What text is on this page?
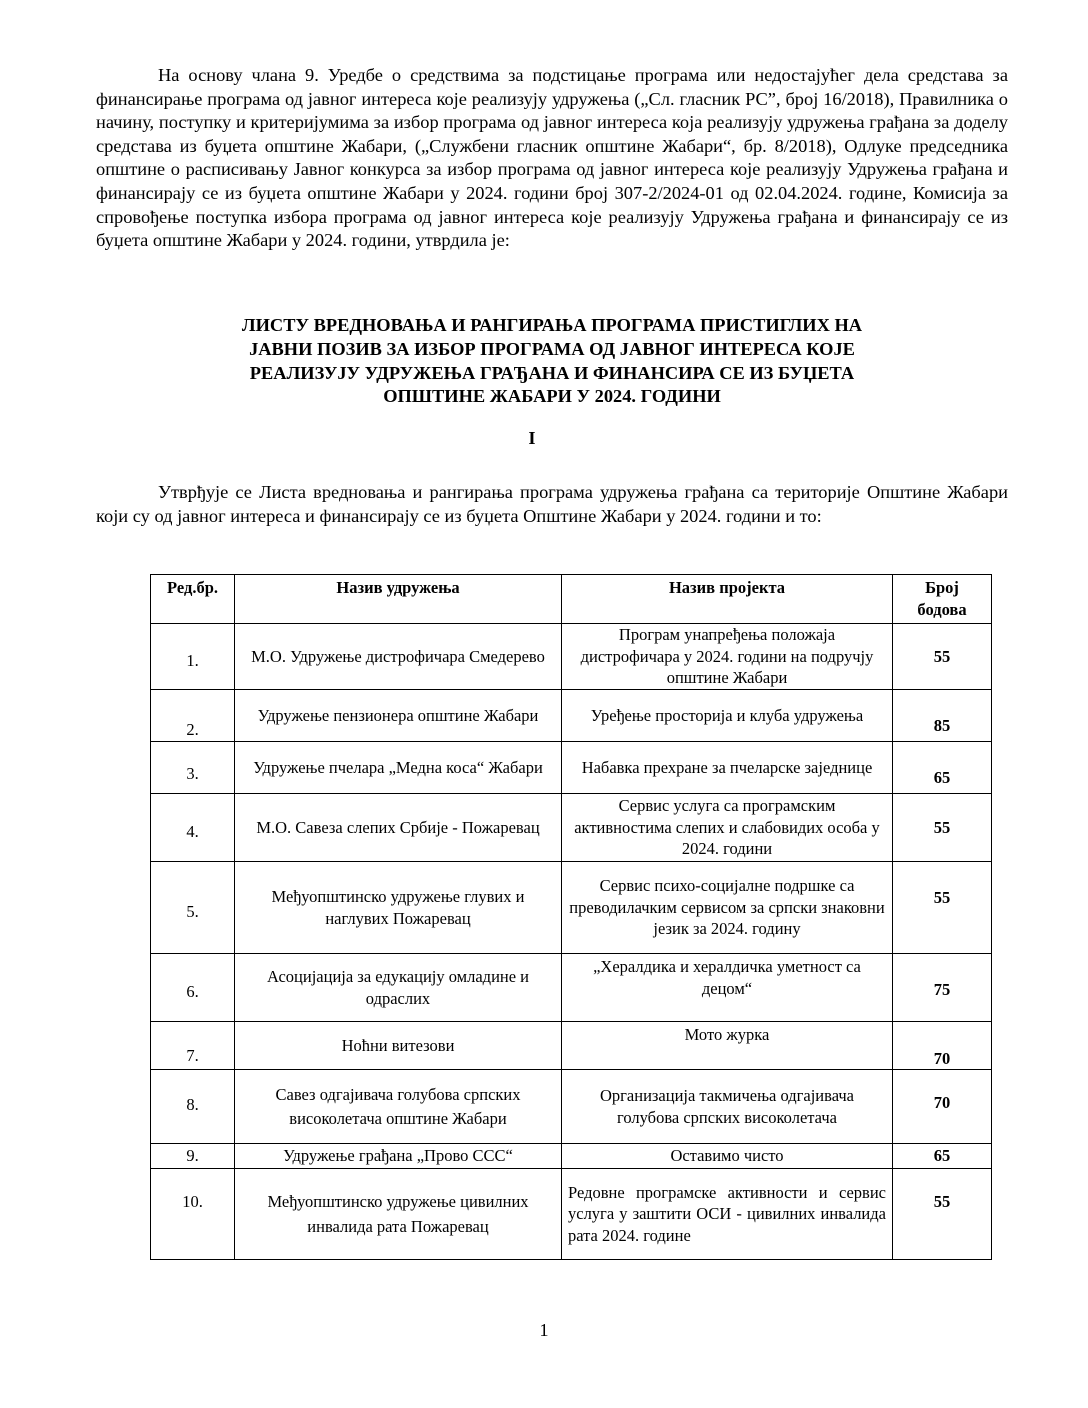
На основу члана 9. Уредбе о средствима за подстицање програма или недостајућег дела средстава за финансирање програма од јавног интереса које реализују удружења („Сл. гласник РС”, број 16/2018), Правилника о начину, поступку и критеријумима за избор програма од јавног интереса која реализују удружења грађана за доделу средстава из буџета општине Жабари, („Службени гласник општине Жабари“, бр. 8/2018), Одлуке председника општине о расписивању Јавног конкурса за избор програма од јавног интереса које реализују Удружења грађана и финансирају се из буџета општине Жабари у 2024. години број 307-2/2024-01 од 02.04.2024. године, Комисија за спровођење поступка избора програма од јавног интереса које реализују Удружења грађана и финансирају се из буџета општине Жабари у 2024. години, утврдила је:

ЛИСТУ ВРЕДНОВАЊА И РАНГИРАЊА ПРОГРАМА ПРИСТИГЛИХ НА
ЈАВНИ ПОЗИВ ЗА ИЗБОР ПРОГРАМА ОД ЈАВНОГ ИНТЕРЕСА КОЈЕ
РЕАЛИЗУЈУ УДРУЖЕЊА ГРАЂАНА И ФИНАНСИРА СЕ ИЗ БУЏЕТА
ОПШТИНЕ ЖАБАРИ У 2024. ГОДИНИ
I

Утврђује се Листа вредновања и рангирања програма удружења грађана са територије Општине Жабари који су од јавног интереса и финансирају се из буџета Општине Жабари у 2024. години и то:

Ред.бр.	Назив удружења	Назив пројекта	Број бодова
1.	М.О. Удружење дистрофичара Смедерево	Програм унапређења положаја дистрофичара у 2024. години на подручју општине Жабари	55
2.	Удружење пензионера општине Жабари	Уређење просторија и клуба удружења	85
3.	Удружење пчелара „Медна коса“ Жабари	Набавка прехране за пчеларске заједнице	65
4.	М.О. Савеза слепих Србије - Пожаревац	Сервис услуга са програмским активностима слепих и слабовидих особа у 2024. години	55
5.	Међуопштинско удружење глувих и наглувих Пожаревац	Сервис психо-социјалне подршке са преводилачким сервисом за српски знаковни језик за 2024. годину	55
6.	Асоцијација за едукацију омладине и одраслих	„Хералдика и хералдичка уметност са децом“	75
7.	Ноћни витезови	Мото журка	70
8.	Савез одгајивача голубова српских високолетача општине Жабари	Организација такмичења одгајивача голубова српских високолетача	70
9.	Удружење грађана „Прово ССС“	Оставимо чисто	65
10.	Међуопштинско удружење цивилних инвалида рата Пожаревац	Редовне програмске активности и сервис услуга у заштити ОСИ - цивилних инвалида рата 2024. године	55
1
